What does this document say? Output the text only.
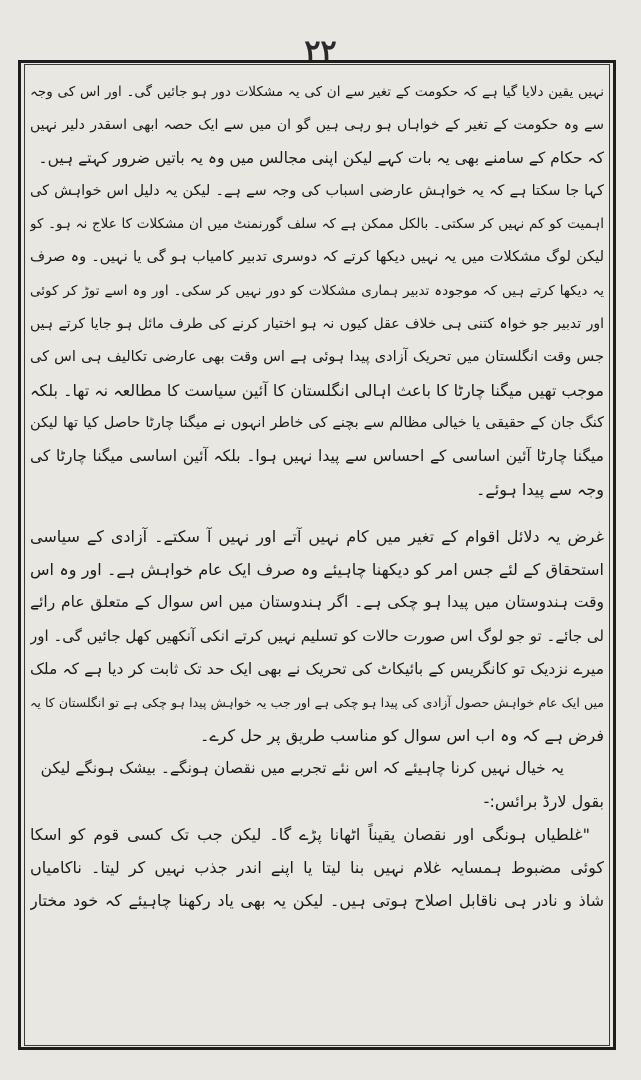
۲۲
نہیں یقین دلایا گیا ہے کہ حکومت کے تغیر سے ان کی یہ مشکلات دور ہو جائیں گی۔ اور اس کی وجہ
سے وہ حکومت کے تغیر کے خواہاں ہو رہی ہیں گو ان میں سے ایک حصہ ابھی اسقدر دلیر نہیں
کہ حکام کے سامنے بھی یہ بات کہے لیکن اپنی مجالس میں وہ یہ باتیں ضرور کہتے ہیں۔
کہا جا سکتا ہے کہ یہ خواہش عارضی اسباب کی وجہ سے ہے۔ لیکن یہ دلیل اس خواہش کی
اہمیت کو کم نہیں کر سکتی۔ بالکل ممکن ہے کہ سلف گورنمنٹ میں ان مشکلات کا علاج نہ ہو۔ کو
لیکن لوگ مشکلات میں یہ نہیں دیکھا کرتے کہ دوسری تدبیر کامیاب ہو گی یا نہیں۔ وہ صرف
یہ دیکھا کرتے ہیں کہ موجودہ تدبیر ہماری مشکلات کو دور نہیں کر سکی۔ اور وہ اسے توڑ کر کوئی
اور تدبیر جو خواہ کتنی ہی خلاف عقل کیوں نہ ہو اختیار کرنے کی طرف مائل ہو جایا کرتے ہیں
جس وقت انگلستان میں تحریک آزادی پیدا ہوئی ہے اس وقت بھی عارضی تکالیف ہی اس کی
موجب تھیں میگنا چارٹا کا باعث اہالی انگلستان کا آئین سیاست کا مطالعہ نہ تھا۔ بلکہ
کنگ جان کے حقیقی یا خیالی مظالم سے بچنے کی خاطر انہوں نے میگنا چارٹا حاصل کیا تھا لیکن
میگنا چارٹا آئین اساسی کے احساس سے پیدا نہیں ہوا۔ بلکہ آئین اساسی میگنا چارٹا کی
وجہ سے پیدا ہوئے۔
غرض یہ دلائل اقوام کے تغیر میں کام نہیں آتے اور نہیں آ سکتے۔ آزادی کے سیاسی
استحقاق کے لئے جس امر کو دیکھنا چاہیئے وہ صرف ایک عام خواہش ہے۔ اور وہ اس
وقت ہندوستان میں پیدا ہو چکی ہے۔ اگر ہندوستان میں اس سوال کے متعلق عام رائے
لی جائے۔ تو جو لوگ اس صورت حالات کو تسلیم نہیں کرتے انکی آنکھیں کھل جائیں گی۔ اور
میرے نزدیک تو کانگریس کے بائیکاٹ کی تحریک نے بھی ایک حد تک ثابت کر دیا ہے کہ ملک
میں ایک عام خواہش حصول آزادی کی پیدا ہو چکی ہے اور جب یہ خواہش پیدا ہو چکی ہے تو انگلستان کا یہ
فرض ہے کہ وہ اب اس سوال کو مناسب طریق پر حل کرے۔
یہ خیال نہیں کرنا چاہیئے کہ اس نئے تجربے میں نقصان ہونگے۔ بیشک ہونگے لیکن
بقول لارڈ برائس:-
"غلطیاں ہونگی اور نقصان یقیناً اٹھانا پڑے گا۔ لیکن جب تک کسی قوم کو اسکا
کوئی مضبوط ہمسایہ غلام نہیں بنا لیتا یا اپنے اندر جذب نہیں کر لیتا۔ ناکامیاں
شاذ و نادر ہی ناقابل اصلاح ہوتی ہیں۔ لیکن یہ بھی یاد رکھنا چاہیئے کہ خود مختار
